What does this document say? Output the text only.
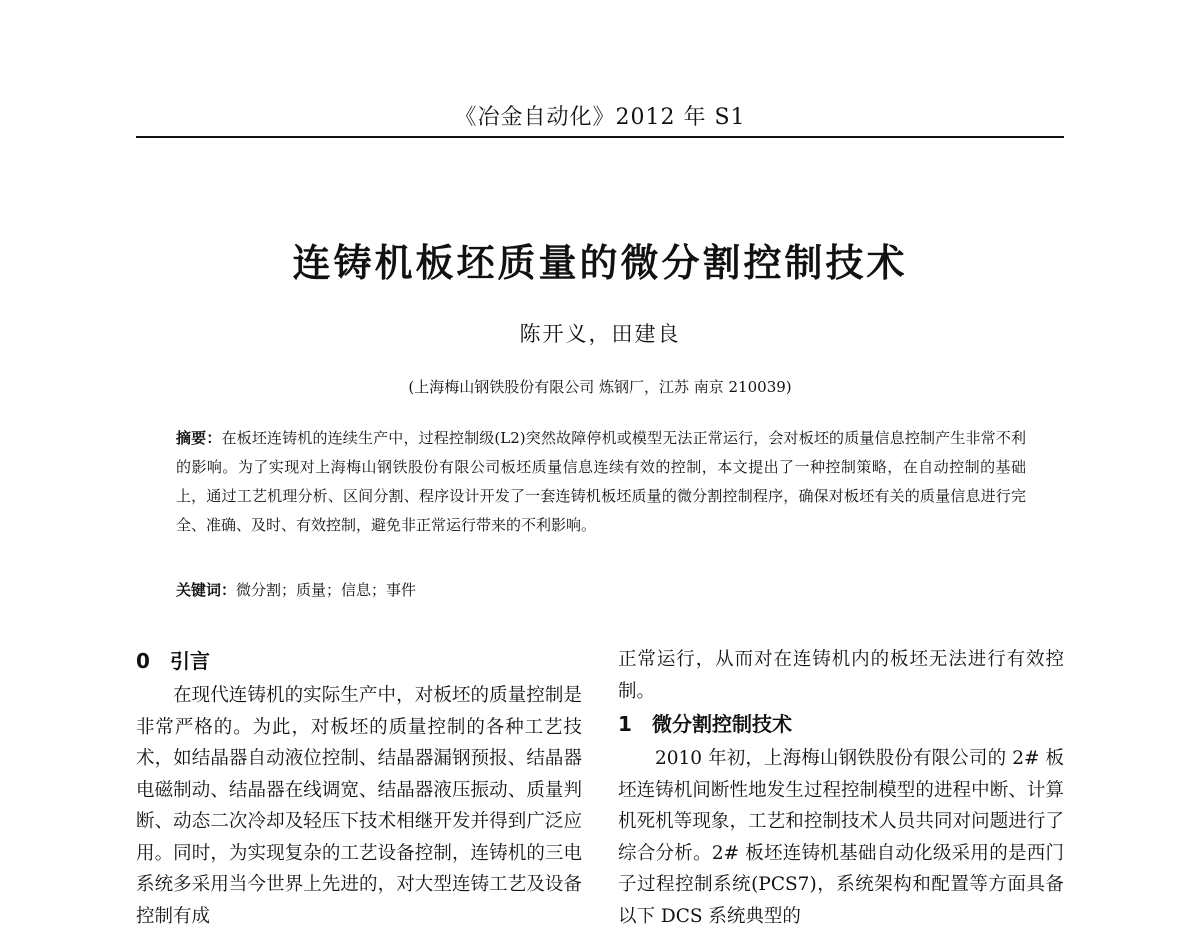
《冶金自动化》2012 年 S1
连铸机板坯质量的微分割控制技术
陈开义，田建良
(上海梅山钢铁股份有限公司 炼钢厂，江苏 南京 210039)
摘要：在板坯连铸机的连续生产中，过程控制级(L2)突然故障停机或模型无法正常运行，会对板坯的质量信息控制产生非常不利的影响。为了实现对上海梅山钢铁股份有限公司板坯质量信息连续有效的控制，本文提出了一种控制策略，在自动控制的基础上，通过工艺机理分析、区间分割、程序设计开发了一套连铸机板坯质量的微分割控制程序，确保对板坯有关的质量信息进行完全、准确、及时、有效控制，避免非正常运行带来的不利影响。
关键词：微分割；质量；信息；事件
0 引言

在现代连铸机的实际生产中，对板坯的质量控制是非常严格的。为此，对板坯的质量控制的各种工艺技术，如结晶器自动液位控制、结晶器漏钢预报、结晶器电磁制动、结晶器在线调宽、结晶器液压振动、质量判断、动态二次冷却及轻压下技术相继开发并得到广泛应用。同时，为实现复杂的工艺设备控制，连铸机的三电系统多采用当今世界上先进的，对大型连铸工艺及设备控制有成

正常运行，从而对在连铸机内的板坯无法进行有效控制。

1 微分割控制技术

2010 年初，上海梅山钢铁股份有限公司的 2# 板坯连铸机间断性地发生过程控制模型的进程中断、计算机死机等现象，工艺和控制技术人员共同对问题进行了综合分析。2# 板坯连铸机基础自动化级采用的是西门子过程控制系统(PCS7)，系统架构和配置等方面具备以下 DCS 系统典型的
